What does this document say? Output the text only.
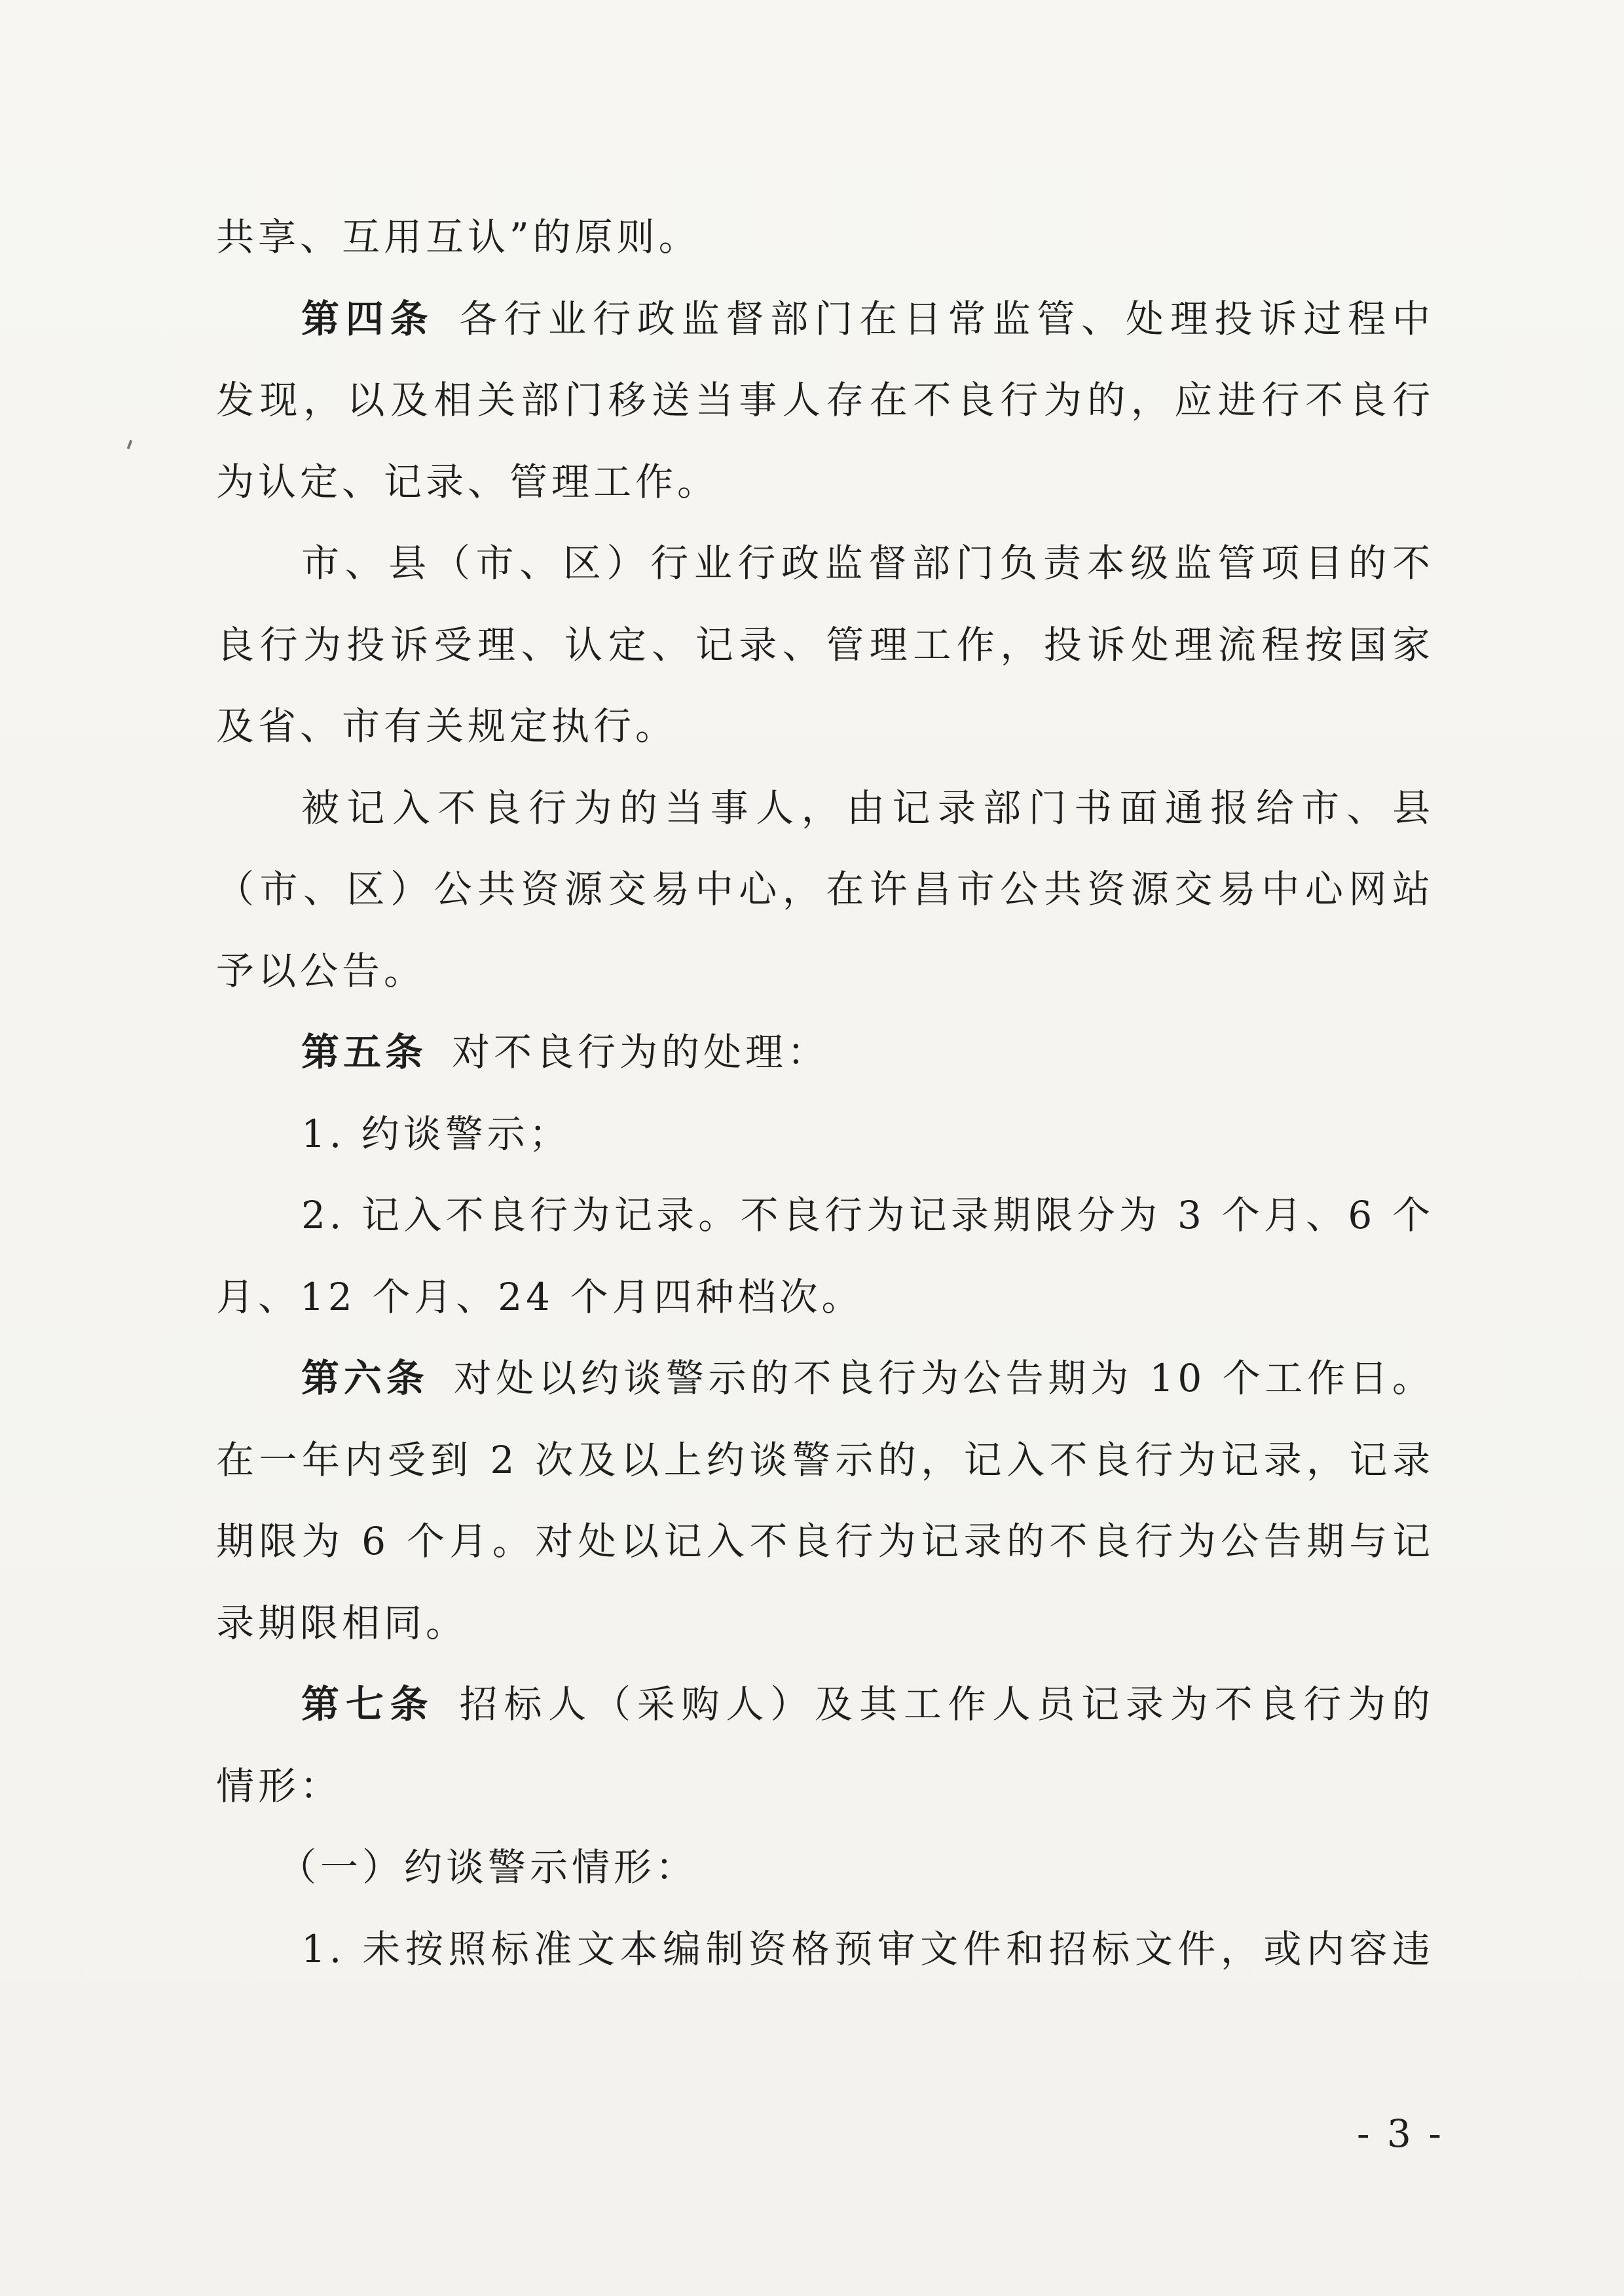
共享、互用互认”的原则。
第四条 各行业行政监督部门在日常监管、处理投诉过程中
发现，以及相关部门移送当事人存在不良行为的，应进行不良行
为认定、记录、管理工作。
市、县（市、区）行业行政监督部门负责本级监管项目的不
良行为投诉受理、认定、记录、管理工作，投诉处理流程按国家
及省、市有关规定执行。
被记入不良行为的当事人，由记录部门书面通报给市、县
（市、区）公共资源交易中心，在许昌市公共资源交易中心网站
予以公告。
第五条 对不良行为的处理：
1. 约谈警示；
2. 记入不良行为记录。不良行为记录期限分为 3 个月、6 个
月、12 个月、24 个月四种档次。
第六条 对处以约谈警示的不良行为公告期为 10 个工作日。
在一年内受到 2 次及以上约谈警示的，记入不良行为记录，记录
期限为 6 个月。对处以记入不良行为记录的不良行为公告期与记
录期限相同。
第七条 招标人（采购人）及其工作人员记录为不良行为的
情形：
（一）约谈警示情形：
1. 未按照标准文本编制资格预审文件和招标文件，或内容违
- 3 -
